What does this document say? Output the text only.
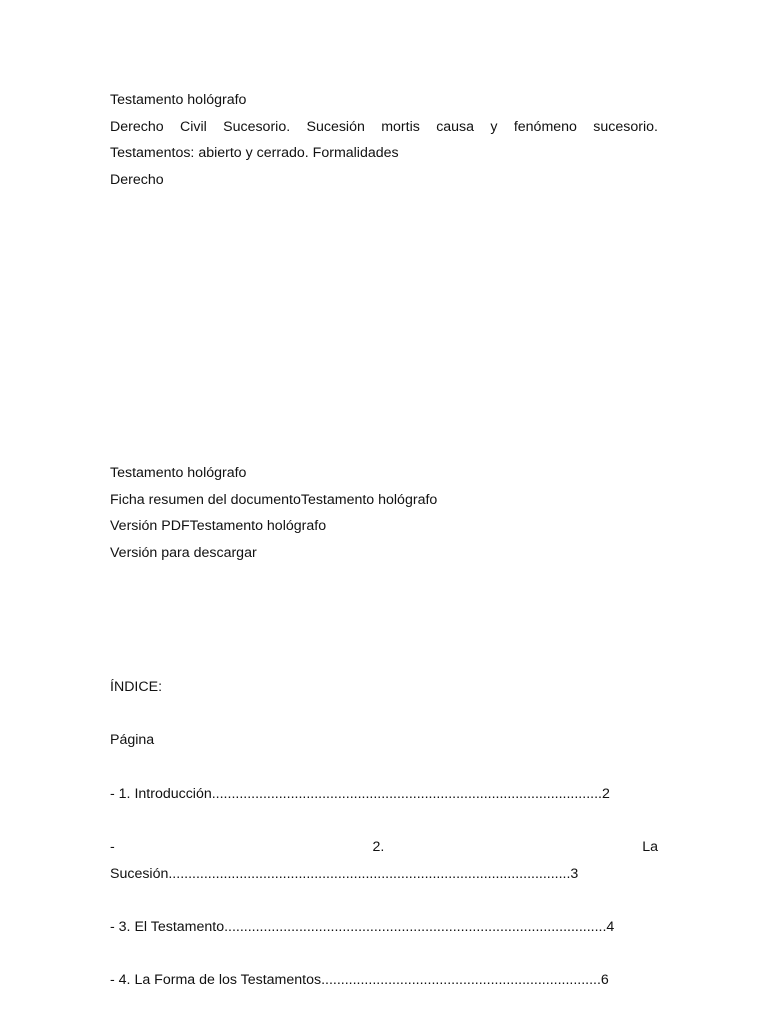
Testamento hológrafo
Derecho Civil Sucesorio. Sucesión mortis causa y fenómeno sucesorio.
Testamentos: abierto y cerrado. Formalidades
Derecho
Testamento hológrafo
Ficha resumen del documentoTestamento hológrafo
Versión PDFTestamento hológrafo
Versión para descargar
ÍNDICE:
Página
- 1. Introducción...................................................................................................2
-	2.	La
Sucesión......................................................................................................3
- 3. El Testamento.................................................................................................4
- 4. La Forma de los Testamentos.......................................................................6
